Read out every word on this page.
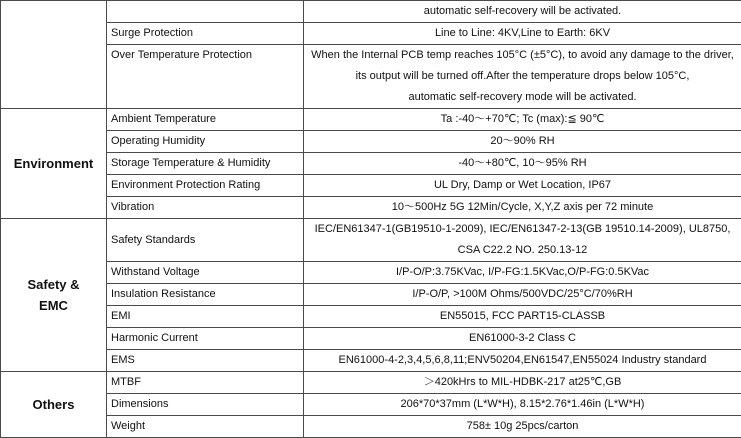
		automatic self-recovery will be activated.
	Surge Protection	Line to Line: 4KV,Line to Earth: 6KV
	Over Temperature Protection	When the Internal PCB temp reaches 105°C (±5°C), to avoid any damage to the driver,
its output will be turned off.After the temperature drops below 105°C,
automatic self-recovery mode will be activated.

Environment	Ambient Temperature	Ta :-40～+70℃; Tc (max):≦ 90℃
	Operating Humidity	20～90% RH
	Storage Temperature & Humidity	-40～+80℃, 10～95% RH
	Environment Protection Rating	UL Dry, Damp or Wet Location, IP67
	Vibration	10～500Hz 5G 12Min/Cycle, X,Y,Z axis per 72 minute

Safety &
EMC	Safety Standards	IEC/EN61347-1(GB19510-1-2009), IEC/EN61347-2-13(GB 19510.14-2009), UL8750,
CSA C22.2 NO. 250.13-12

	Withstand Voltage	I/P-O/P:3.75KVac, I/P-FG:1.5KVac,O/P-FG:0.5KVac
	Insulation Resistance	I/P-O/P, >100M Ohms/500VDC/25°C/70%RH
	EMI	EN55015, FCC PART15-CLASSB
	Harmonic Current	EN61000-3-2 Class C
	EMS	EN61000-4-2,3,4,5,6,8,11;ENV50204,EN61547,EN55024 Industry standard
Others	MTBF	＞420kHrs to MIL-HDBK-217 at25℃,GB
	Dimensions	206*70*37mm (L*W*H), 8.15*2.76*1.46in (L*W*H)
	Weight	758± 10g 25pcs/carton
